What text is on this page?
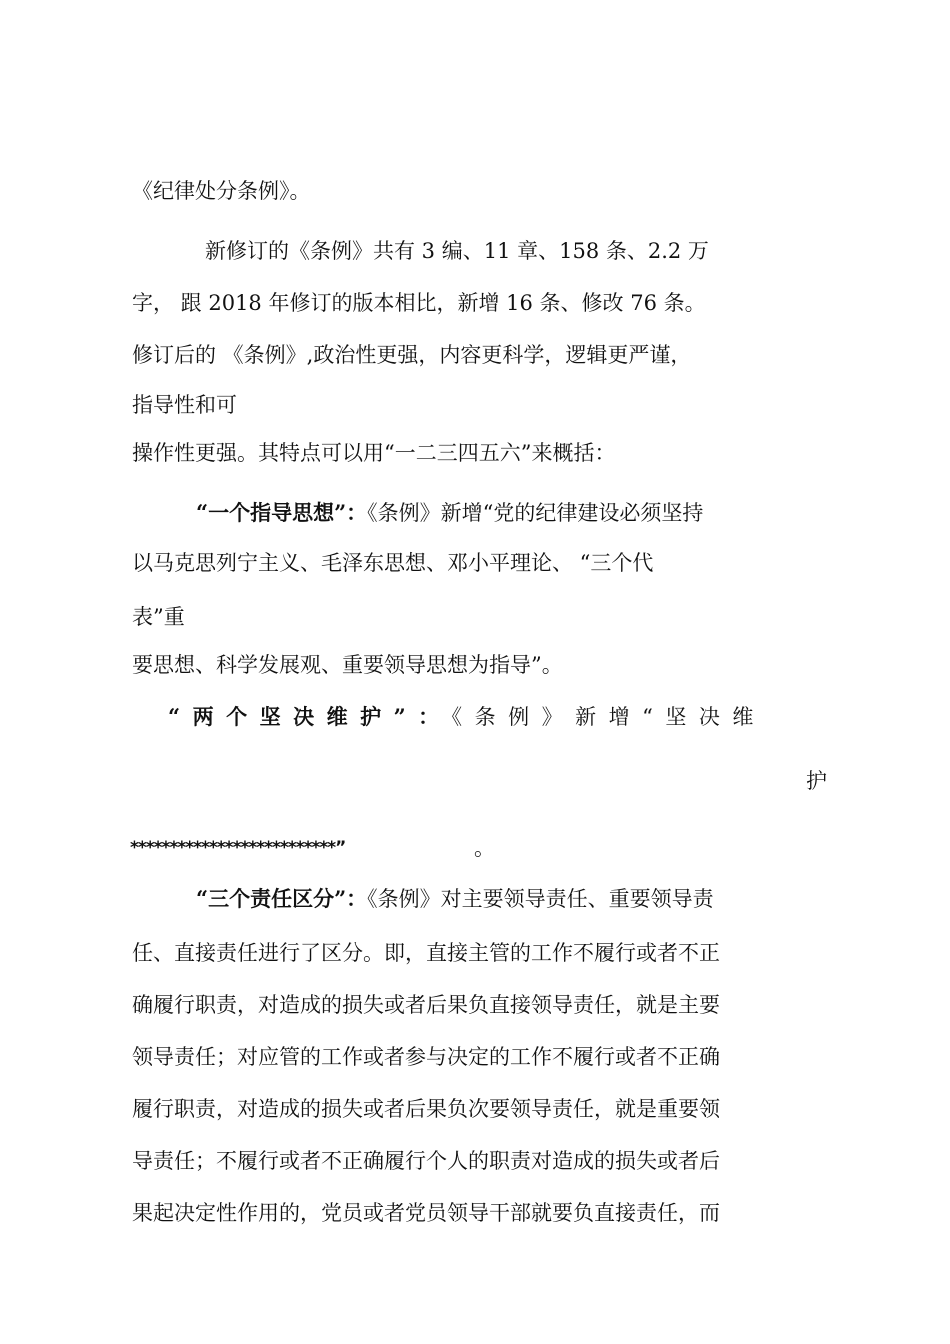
《纪律处分条例》。
新修订的《条例》共有 3 编、11 章、158 条、2.2 万
字， 跟 2018 年修订的版本相比，新增 16 条、修改 76 条。
修订后的 《条例》,政治性更强，内容更科学，逻辑更严谨，
指导性和可
操作性更强。其特点可以用“一二三四五六”来概括：
“一个指导思想”：《条例》新增“党的纪律建设必须坚持
以马克思列宁主义、毛泽东思想、邓小平理论、 “三个代
表”重
要思想、科学发展观、重要领导思想为指导”。
“两个坚决维护”：《条例》新增“坚决维
护
**************************”	。
“三个责任区分”：《条例》对主要领导责任、重要领导责
任、直接责任进行了区分。即，直接主管的工作不履行或者不正
确履行职责，对造成的损失或者后果负直接领导责任，就是主要
领导责任；对应管的工作或者参与决定的工作不履行或者不正确
履行职责，对造成的损失或者后果负次要领导责任，就是重要领
导责任；不履行或者不正确履行个人的职责对造成的损失或者后
果起决定性作用的，党员或者党员领导干部就要负直接责任，而
